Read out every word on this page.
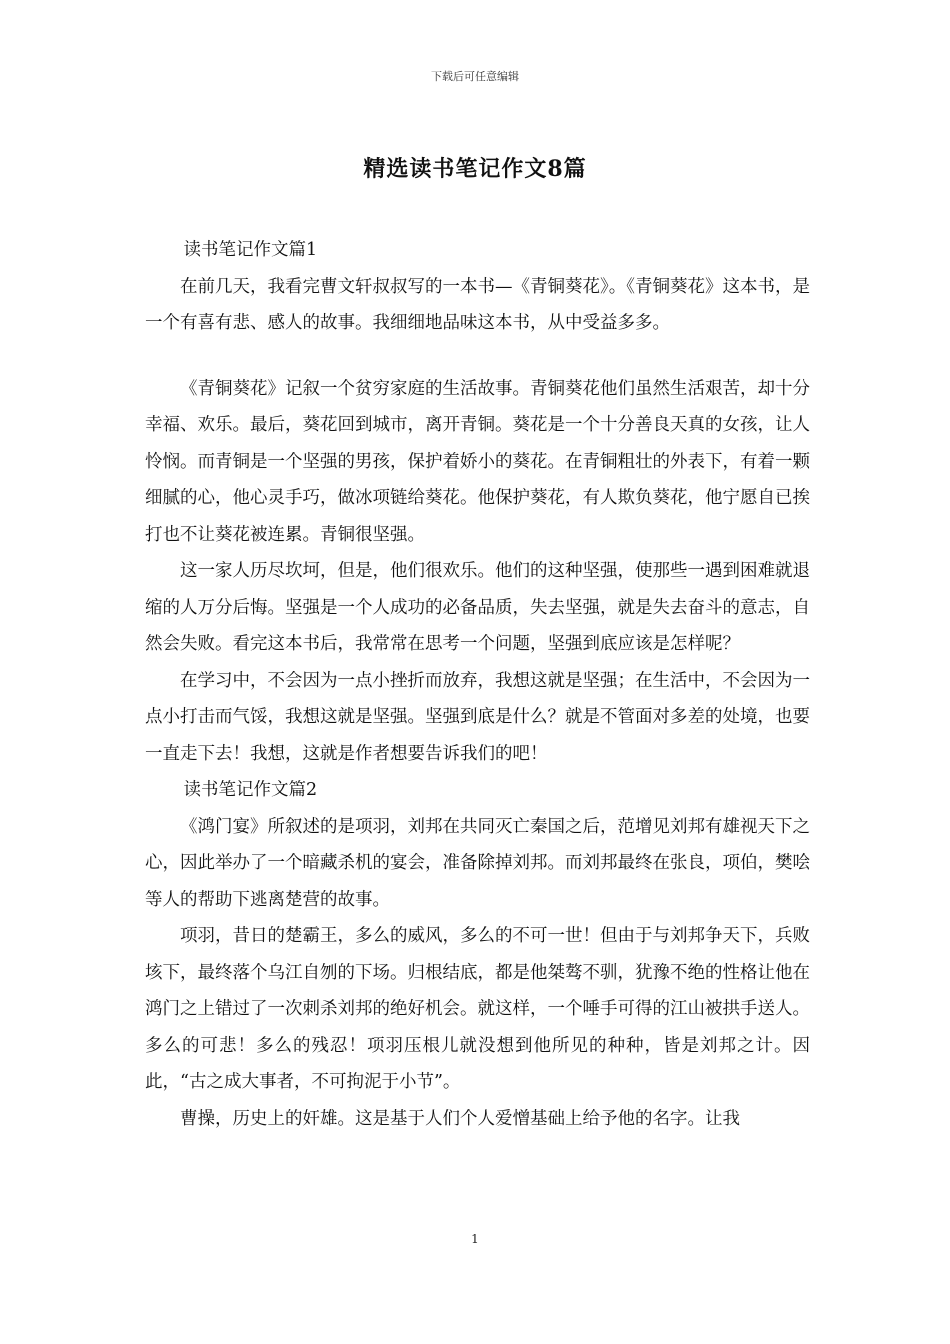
下载后可任意编辑
精选读书笔记作文8篇

读书笔记作文篇1

在前几天，我看完曹文轩叔叔写的一本书—《青铜葵花》。《青铜葵花》这本书，是一个有喜有悲、感人的故事。我细细地品味这本书，从中受益多多。

《青铜葵花》记叙一个贫穷家庭的生活故事。青铜葵花他们虽然生活艰苦，却十分幸福、欢乐。最后，葵花回到城市，离开青铜。葵花是一个十分善良天真的女孩，让人怜悯。而青铜是一个坚强的男孩，保护着娇小的葵花。在青铜粗壮的外表下，有着一颗细腻的心，他心灵手巧，做冰项链给葵花。他保护葵花，有人欺负葵花，他宁愿自已挨打也不让葵花被连累。青铜很坚强。

这一家人历尽坎坷，但是，他们很欢乐。他们的这种坚强，使那些一遇到困难就退缩的人万分后悔。坚强是一个人成功的必备品质，失去坚强，就是失去奋斗的意志，自然会失败。看完这本书后，我常常在思考一个问题，坚强到底应该是怎样呢？

在学习中，不会因为一点小挫折而放弃，我想这就是坚强；在生活中，不会因为一点小打击而气馁，我想这就是坚强。坚强到底是什么？就是不管面对多差的处境，也要一直走下去！我想，这就是作者想要告诉我们的吧！

读书笔记作文篇2

《鸿门宴》所叙述的是项羽，刘邦在共同灭亡秦国之后，范增见刘邦有雄视天下之心，因此举办了一个暗藏杀机的宴会，准备除掉刘邦。而刘邦最终在张良，项伯，樊哙等人的帮助下逃离楚营的故事。

项羽，昔日的楚霸王，多么的威风，多么的不可一世！但由于与刘邦争天下，兵败垓下，最终落个乌江自刎的下场。归根结底，都是他桀骜不驯，犹豫不绝的性格让他在鸿门之上错过了一次刺杀刘邦的绝好机会。就这样，一个唾手可得的江山被拱手送人。多么的可悲！多么的残忍！项羽压根儿就没想到他所见的种种，皆是刘邦之计。因此，“古之成大事者，不可拘泥于小节”。

曹操，历史上的奸雄。这是基于人们个人爱憎基础上给予他的名字。让我

1
